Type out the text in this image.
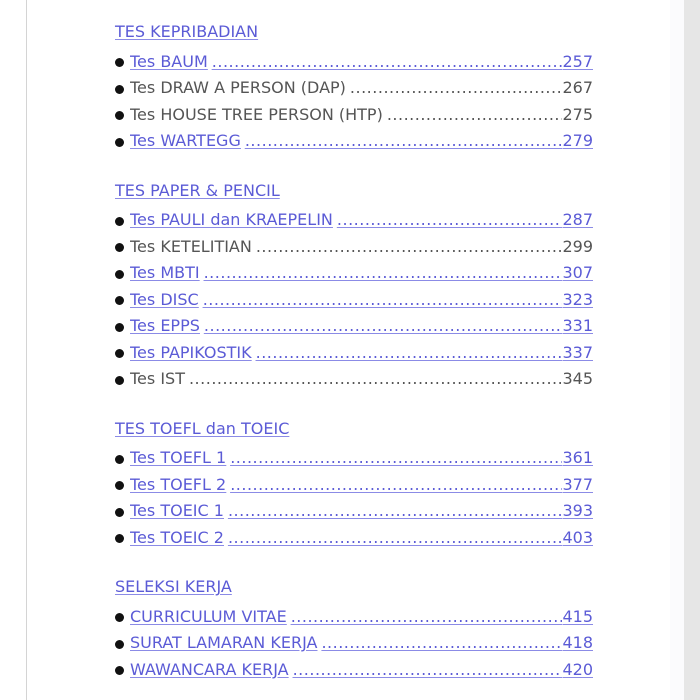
TES KEPRIBADIAN
Tes BAUM .....	257
Tes DRAW A PERSON (DAP) .....	267
Tes HOUSE TREE PERSON (HTP) .....	275
Tes WARTEGG .....	279
TES PAPER & PENCIL
Tes PAULI dan KRAEPELIN .....	287
Tes KETELITIAN .....	299
Tes MBTI .....	307
Tes DISC .....	323
Tes EPPS .....	331
Tes PAPIKOSTIK .....	337
Tes IST .....	345
TES TOEFL dan TOEIC
Tes TOEFL 1 .....	361
Tes TOEFL 2 .....	377
Tes TOEIC 1 .....	393
Tes TOEIC 2 .....	403
SELEKSI KERJA
CURRICULUM VITAE .....	415
SURAT LAMARAN KERJA .....	418
WAWANCARA KERJA .....	420
